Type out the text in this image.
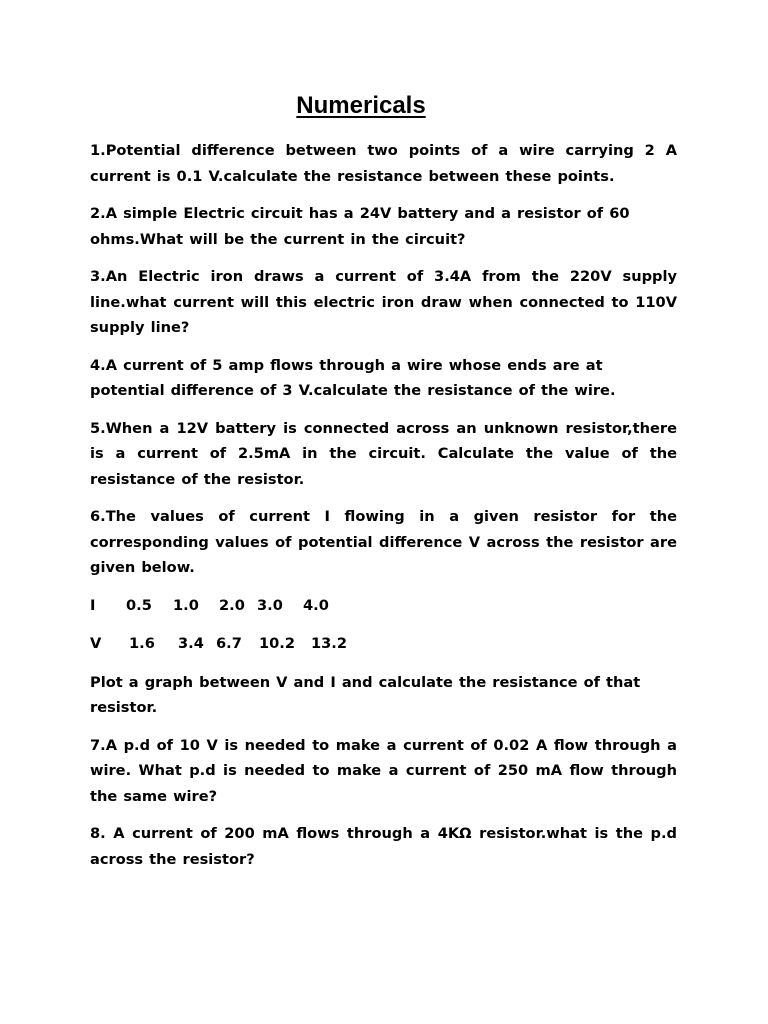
Numericals

1.Potential difference between two points of a wire carrying 2 A current is 0.1 V.calculate the resistance between these points.

2.A simple Electric circuit has a 24V battery and a resistor of 60 ohms.What will be the current in the circuit?

3.An Electric iron draws a current of 3.4A from the 220V supply line.what current will this electric iron draw when connected to 110V supply line?

4.A current of 5 amp flows through a wire whose ends are at potential difference of 3 V.calculate the resistance of the wire.

5.When a 12V battery is connected across an unknown resistor,there is a current of 2.5mA in the circuit. Calculate the value of the resistance of the resistor.

6.The values of current I flowing in a given resistor for the corresponding values of potential difference V across the resistor are given below.

I 0.5 1.0 2.0 3.0 4.0
V 1.6 3.4 6.7 10.2 13.2

Plot a graph between V and I and calculate the resistance of that resistor.

7.A p.d of 10 V is needed to make a current of 0.02 A flow through a wire. What p.d is needed to make a current of 250 mA flow through the same wire?

8. A current of 200 mA flows through a 4KΩ resistor.what is the p.d across the resistor?
